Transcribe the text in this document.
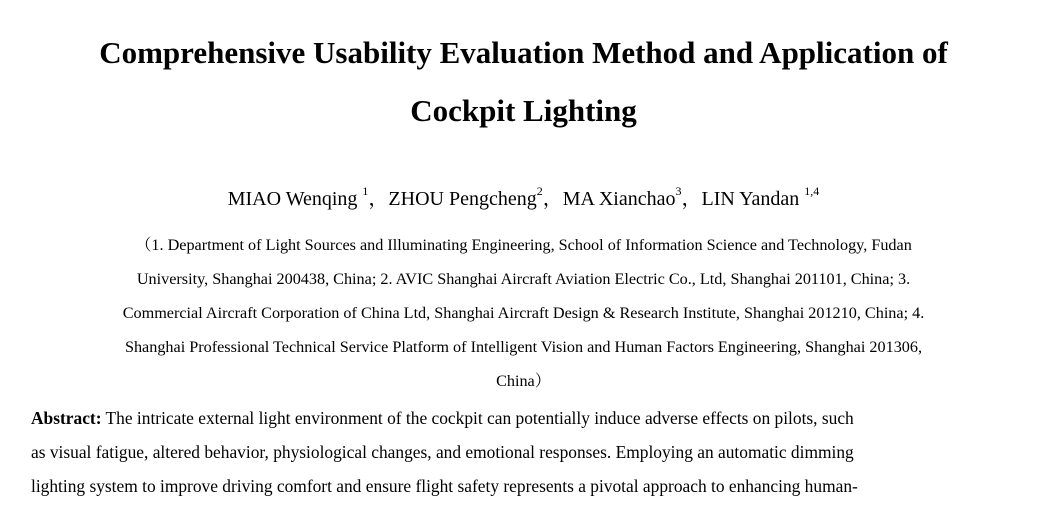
Comprehensive Usability Evaluation Method and Application of
Cockpit Lighting
MIAO Wenqing $^1$，ZHOU Pengcheng$^2$，MA Xianchao$^3$，LIN Yandan $^{1,4}$
（1. Department of Light Sources and Illuminating Engineering, School of Information Science and Technology, Fudan
University, Shanghai 200438, China; 2. AVIC Shanghai Aircraft Aviation Electric Co., Ltd, Shanghai 201101, China; 3.
Commercial Aircraft Corporation of China Ltd, Shanghai Aircraft Design & Research Institute, Shanghai 201210, China; 4.
Shanghai Professional Technical Service Platform of Intelligent Vision and Human Factors Engineering, Shanghai 201306,
China）
Abstract: The intricate external light environment of the cockpit can potentially induce adverse effects on pilots, such
as visual fatigue, altered behavior, physiological changes, and emotional responses. Employing an automatic dimming
lighting system to improve driving comfort and ensure flight safety represents a pivotal approach to enhancing human-
